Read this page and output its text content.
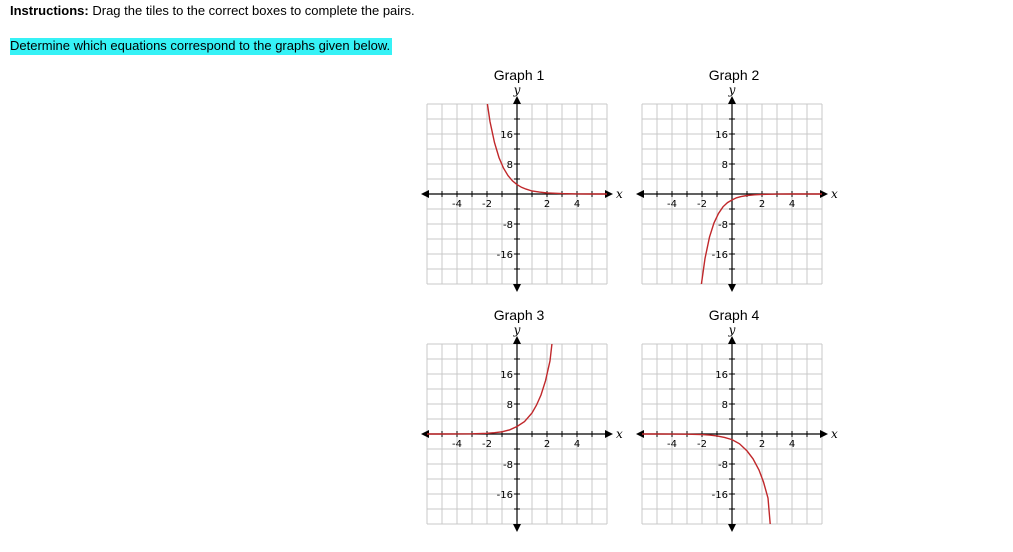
Instructions: Drag the tiles to the correct boxes to complete the pairs.
Determine which equations correspond to the graphs given below.
Graph 1
-4 -2	2 4
16
8
-8
-16
x
y
Graph 2
-4 -2	2 4
16
8
-8
-16
x
y
Graph 3
-4 -2	2 4
16
8
-8
-16
x
y
Graph 4
-4 -2	2 4
16
8
-8
-16
x
y
